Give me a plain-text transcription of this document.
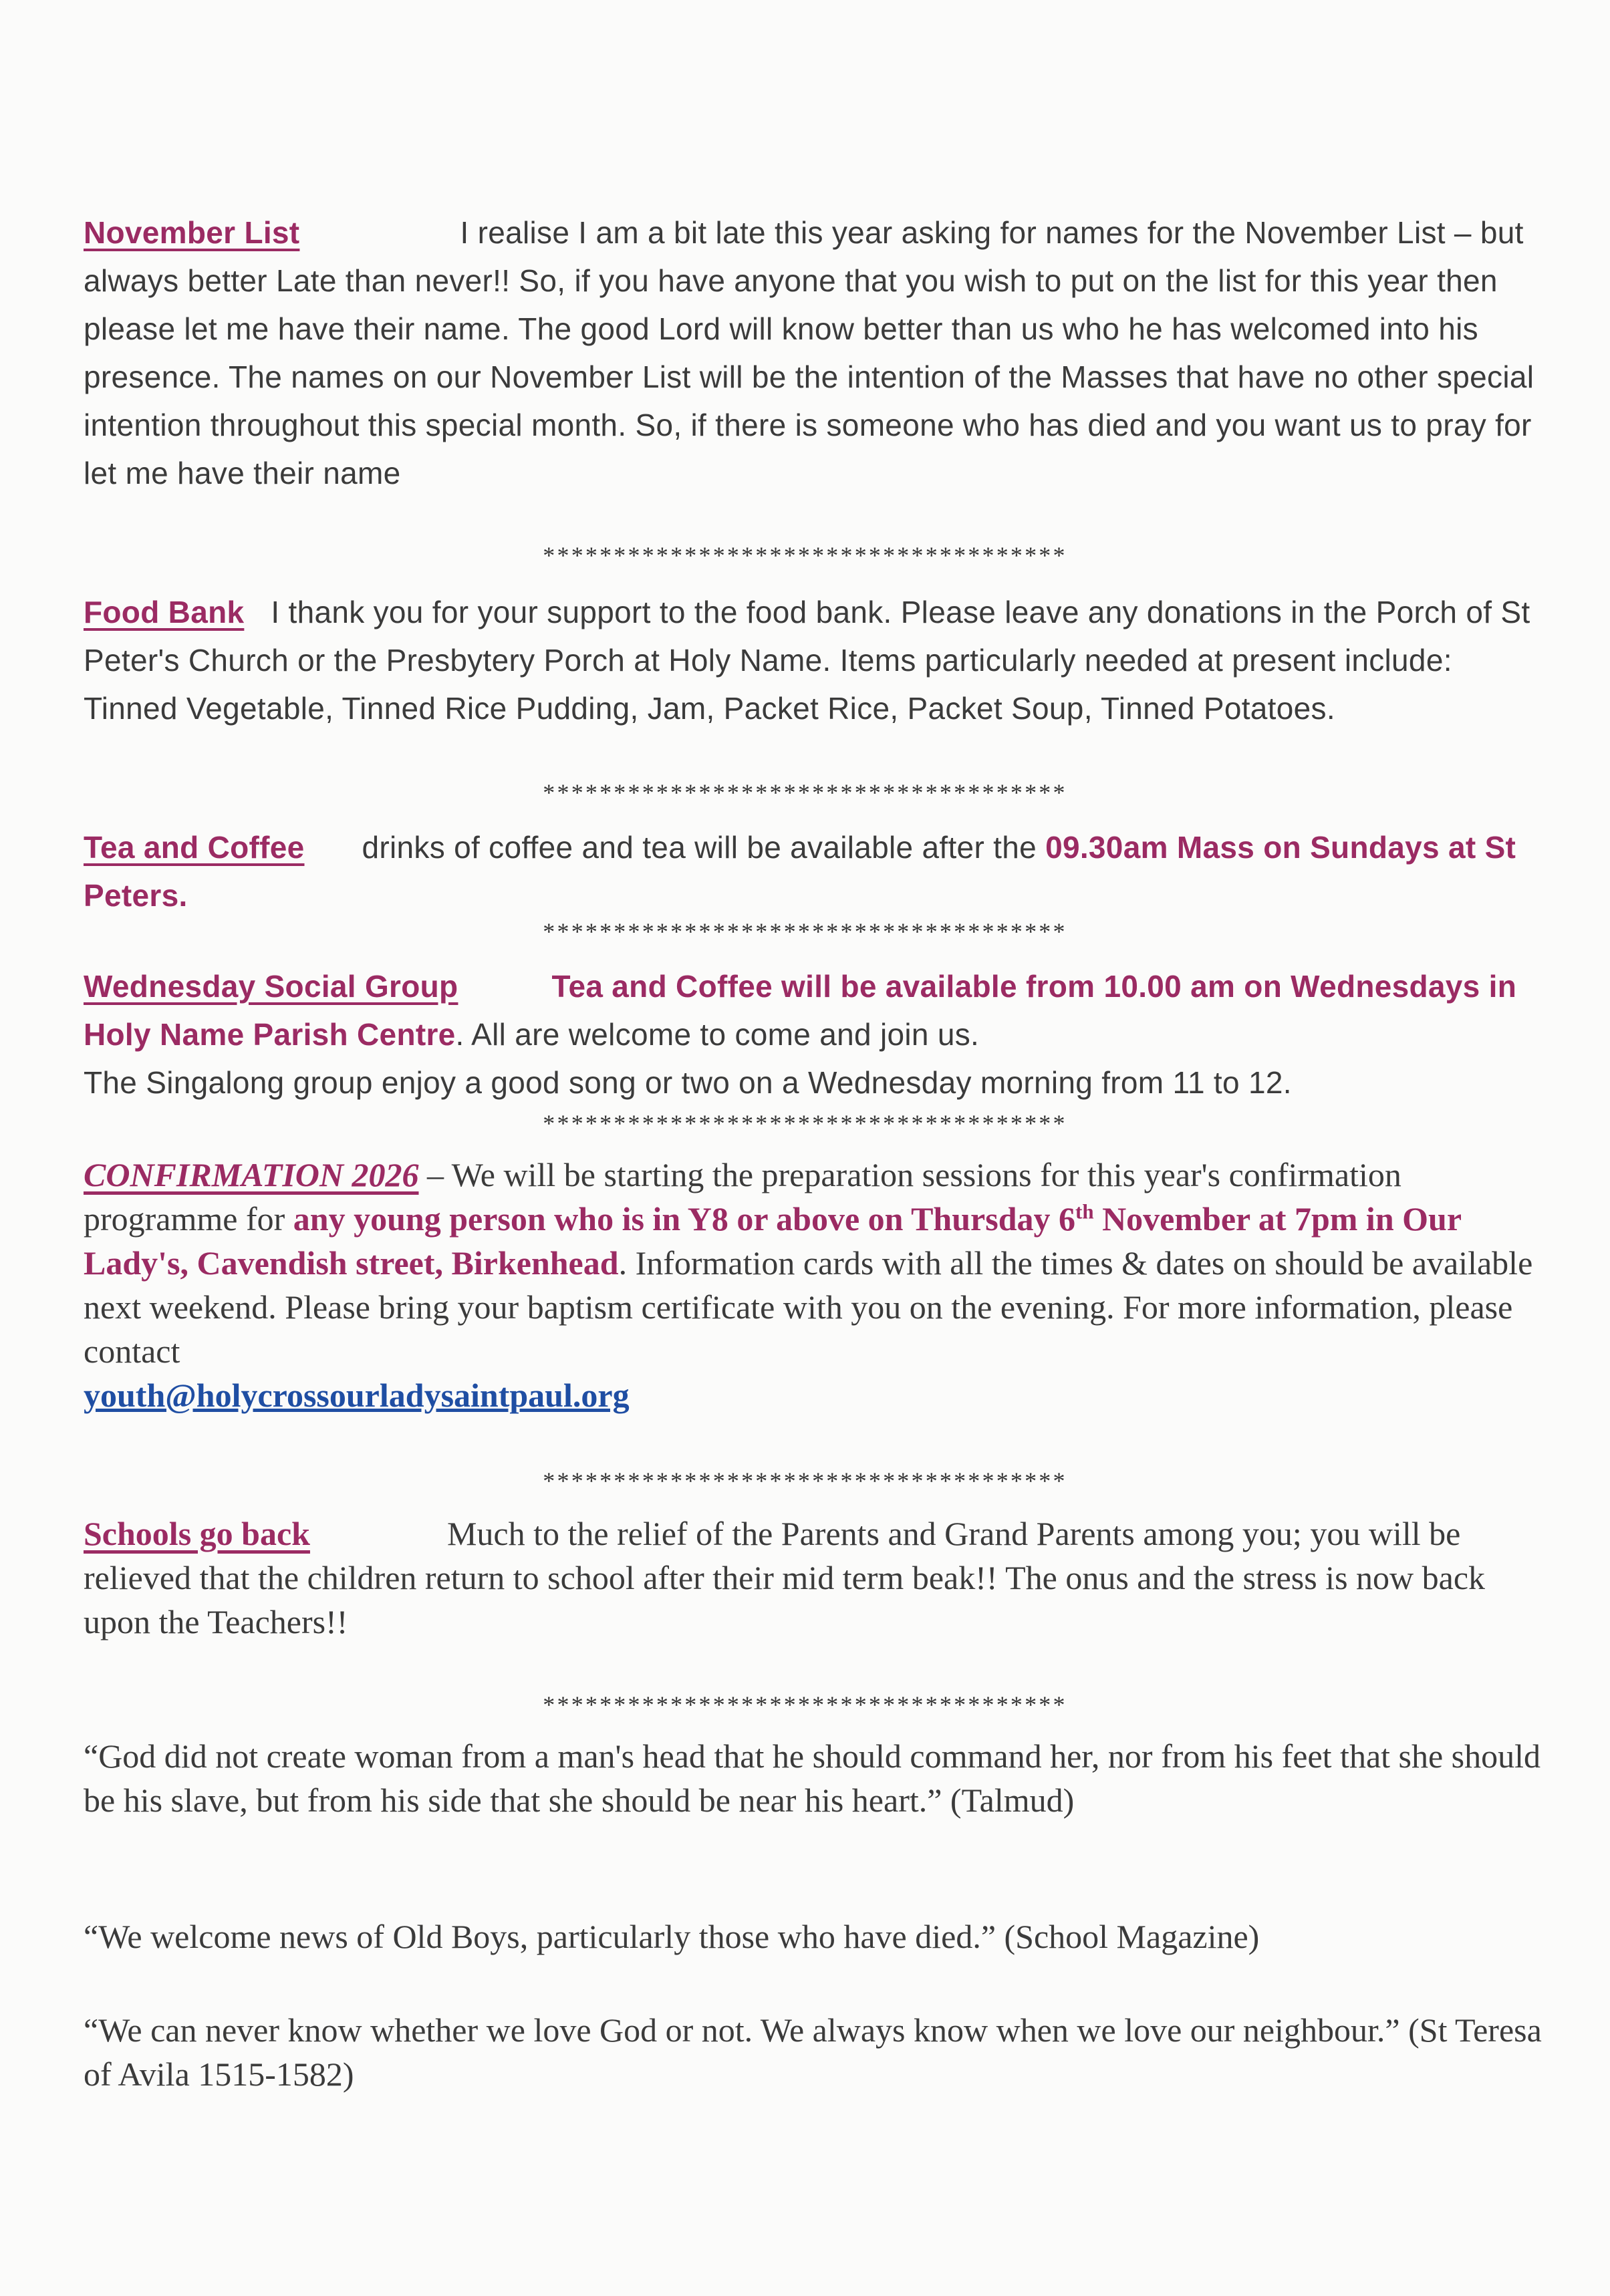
November List	I realise I am a bit late this year asking for names for the November List – but always better Late than never!! So, if you have anyone that you wish to put on the list for this year then please let me have their name. The good Lord will know better than us who he has welcomed into his presence. The names on our November List will be the intention of the Masses that have no other special intention throughout this special month. So, if there is someone who has died and you want us to pray for let me have their name
*************************************
Food Bank I thank you for your support to the food bank. Please leave any donations in the Porch of St Peter's Church or the Presbytery Porch at Holy Name. Items particularly needed at present include: Tinned Vegetable, Tinned Rice Pudding, Jam, Packet Rice, Packet Soup, Tinned Potatoes.
*************************************
Tea and Coffee drinks of coffee and tea will be available after the 09.30am Mass on Sundays at St Peters.
*************************************
Wednesday Social Group	Tea and Coffee will be available from 10.00 am on Wednesdays in Holy Name Parish Centre. All are welcome to come and join us.
The Singalong group enjoy a good song or two on a Wednesday morning from 11 to 12.
*************************************
CONFIRMATION 2026 – We will be starting the preparation sessions for this year's confirmation programme for any young person who is in Y8 or above on Thursday 6th November at 7pm in Our Lady's, Cavendish street, Birkenhead. Information cards with all the times & dates on should be available next weekend. Please bring your baptism certificate with you on the evening. For more information, please contact
youth@holycrossourladysaintpaul.org
*************************************
Schools go back	Much to the relief of the Parents and Grand Parents among you; you will be relieved that the children return to school after their mid term beak!! The onus and the stress is now back upon the Teachers!!
*************************************
“God did not create woman from a man's head that he should command her, nor from his feet that she should be his slave, but from his side that she should be near his heart.” (Talmud)
“We welcome news of Old Boys, particularly those who have died.” (School Magazine)
“We can never know whether we love God or not. We always know when we love our neighbour.” (St Teresa of Avila 1515-1582)
